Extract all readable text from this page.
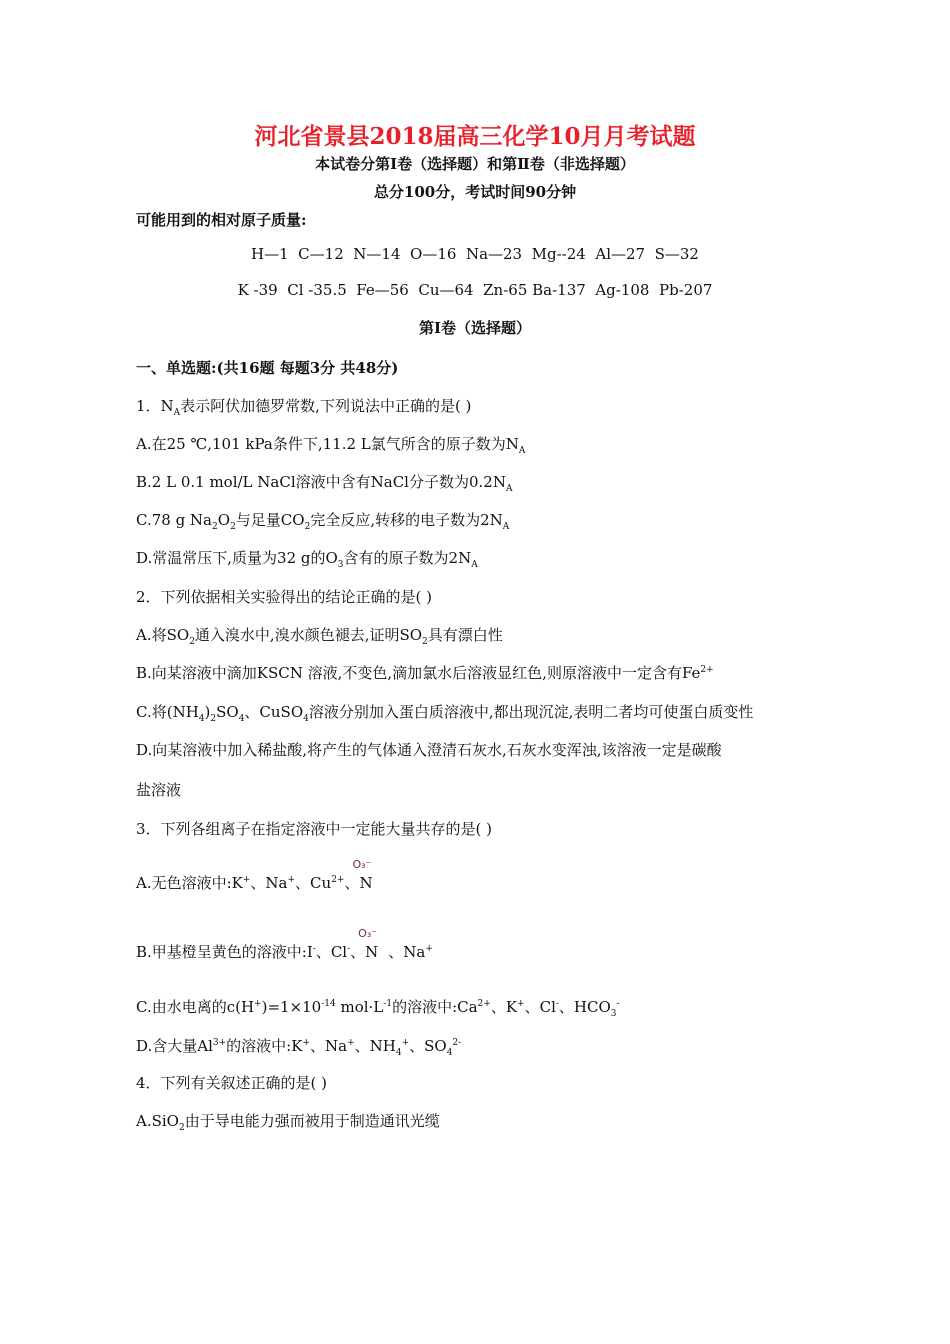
河北省景县2018届高三化学10月月考试题
本试卷分第Ⅰ卷（选择题）和第Ⅱ卷（非选择题）
总分100分，考试时间90分钟
可能用到的相对原子质量:
H—1  C—12  N—14  O—16  Na—23  Mg--24  Al—27  S—32
K -39  Cl -35.5  Fe—56  Cu—64  Zn-65 Ba-137  Ag-108  Pb-207
第Ⅰ卷（选择题）
一、单选题:(共16题 每题3分 共48分)
1．$N_A$表示阿伏加德罗常数,下列说法中正确的是( )
A.在25 ℃,101 kPa条件下,11.2 L氯气所含的原子数为$N_A$
B.2 L 0.1 mol/L NaCl溶液中含有NaCl分子数为$0.2N_A$
C.78 g $Na_2O_2$与足量$CO_2$完全反应,转移的电子数为$2N_A$
D.常温常压下,质量为32 g的$O_3$含有的原子数为$2N_A$
2．下列依据相关实验得出的结论正确的是( )
A.将$SO_2$通入溴水中,溴水颜色褪去,证明$SO_2$具有漂白性
B.向某溶液中滴加KSCN 溶液,不变色,滴加氯水后溶液显红色,则原溶液中一定含有$Fe^{2+}$
C.将$(NH_4)_2SO_4$、CuSO$_4$溶液分别加入蛋白质溶液中,都出现沉淀,表明二者均可使蛋白质变性
D.向某溶液中加入稀盐酸,将产生的气体通入澄清石灰水,石灰水变浑浊,该溶液一定是碳酸
盐溶液
3．下列各组离子在指定溶液中一定能大量共存的是( )
A.无色溶液中:K+、Na+、$Cu^{2+}$、N
O₃⁻
B.甲基橙呈黄色的溶液中:I-、Cl-、N
O₃⁻
、Na+
C.由水电离的$c(H^+)=1\times 10^{-14}$ $mol\cdot L^{-1}$的溶液中$:Ca^{2+}$、K+、Cl-、$HCO_3^-$
D.含大量$Al^{3+}$的溶液中:K+、Na+、$NH_4^+$、$SO_4^{2-}$
4．下列有关叙述正确的是( )
A.SiO$_2$由于导电能力强而被用于制造通讯光缆
